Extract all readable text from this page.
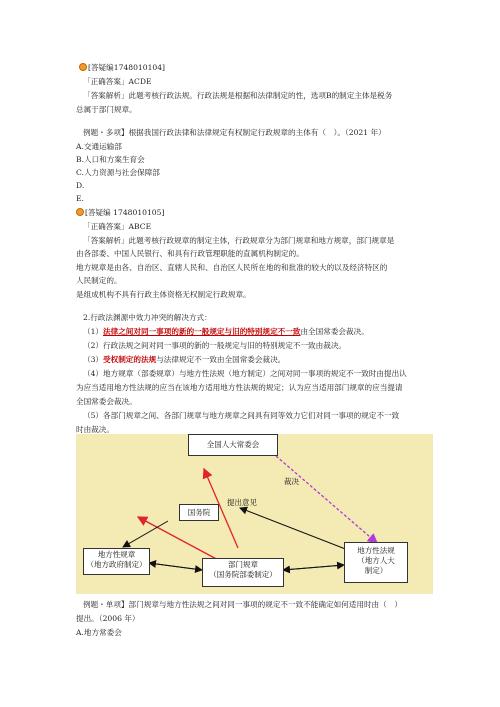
[答疑编1748010104]
「正确答案」ACDE
「答案解析」此题考核行政法规。行政法规是根据和法律制定的性，选项B的制定主体是税务
总属于部门规章。
例题・多项】根据我国行政法律和法律规定有权制定行政规章的主体有（　）。（2021 年）
A.交通运输部
B.人口和方案生育会
C.人力资源与社会保障部
D.
E.
[答疑编 1748010105]
「正确答案」ABCE
「答案解析」此题考核行政规章的制定主体，行政规章分为部门规章和地方规章，部门规章是
由各部委、中国人民银行、和具有行政管理职能的直属机构制定的。
地方规章是由各、自治区、直辖人民和、自治区人民所在地的和批准的较大的以及经济特区的
人民制定的。
是组成机构不具有行政主体资格无权制定行政规章。
2.行政法渊源中效力冲突的解决方式：
（1）法律之间对同一事项的新的一般规定与旧的特别规定不一致由全国常委会裁决。
（2）行政法规之间对同一事项的新的一般规定与旧的特别规定不一致由裁决。
（3）受权制定的法规与法律规定不一致由全国常委会裁决。
（4）地方规章（部委规章）与地方性法规（地方制定）之间对同一事项的规定不一致时由提出认
为应当适用地方性法规的应当在该地方适用地方性法规的规定；认为应当适用部门规章的应当提请
全国常委会裁决。
（5）各部门规章之间、各部门规章与地方规章之间具有同等效力它们对同一事项的规定不一致
时由裁决。
全国人大常委会
国务院
地方性规章
（地方政府制定）	部门规章
（国务院部委制定）
地方性法规
（地方人大
制定）
裁决
提出意见
例题・单项】部门规章与地方性法规之间对同一事项的规定不一致不能确定如何适用时由（　）
提出。（2006 年）
A.地方常委会
